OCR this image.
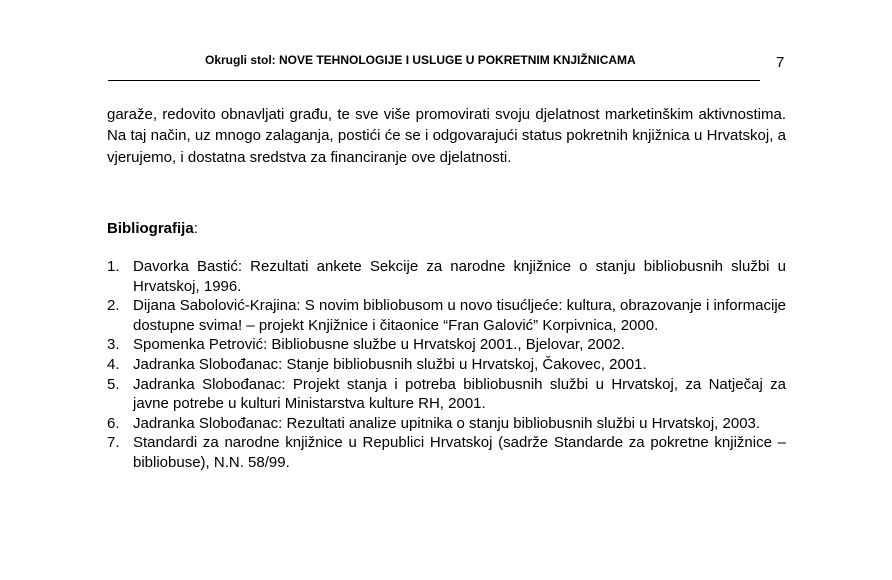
Okrugli stol: NOVE TEHNOLOGIJE I USLUGE U POKRETNIM KNJIŽNICAMA	7

garaže, redovito obnavljati građu, te sve više promovirati svoju djelatnost marketinškim aktivnostima. Na taj način, uz mnogo zalaganja, postići će se i odgovarajući status pokretnih knjižnica u Hrvatskoj, a vjerujemo, i dostatna sredstva za financiranje ove djelatnosti.

Bibliografija:

1. Davorka Bastić: Rezultati ankete Sekcije za narodne knjižnice o stanju bibliobusnih službi u Hrvatskoj, 1996.
2. Dijana Sabolović-Krajina: S novim bibliobusom u novo tisućljeće: kultura, obrazovanje i informacije dostupne svima! – projekt Knjižnice i čitaonice “Fran Galović” Korpivnica, 2000.
3. Spomenka Petrović: Bibliobusne službe u Hrvatskoj 2001., Bjelovar, 2002.
4. Jadranka Slobođanac: Stanje bibliobusnih službi u Hrvatskoj, Čakovec, 2001.
5. Jadranka Slobođanac: Projekt stanja i potreba bibliobusnih službi u Hrvatskoj, za Natječaj za javne potrebe u kulturi Ministarstva kulture RH, 2001.
6. Jadranka Slobođanac: Rezultati analize upitnika o stanju bibliobusnih službi u Hrvatskoj, 2003.
7. Standardi za narodne knjižnice u Republici Hrvatskoj (sadrže Standarde za pokretne knjižnice – bibliobuse), N.N. 58/99.
